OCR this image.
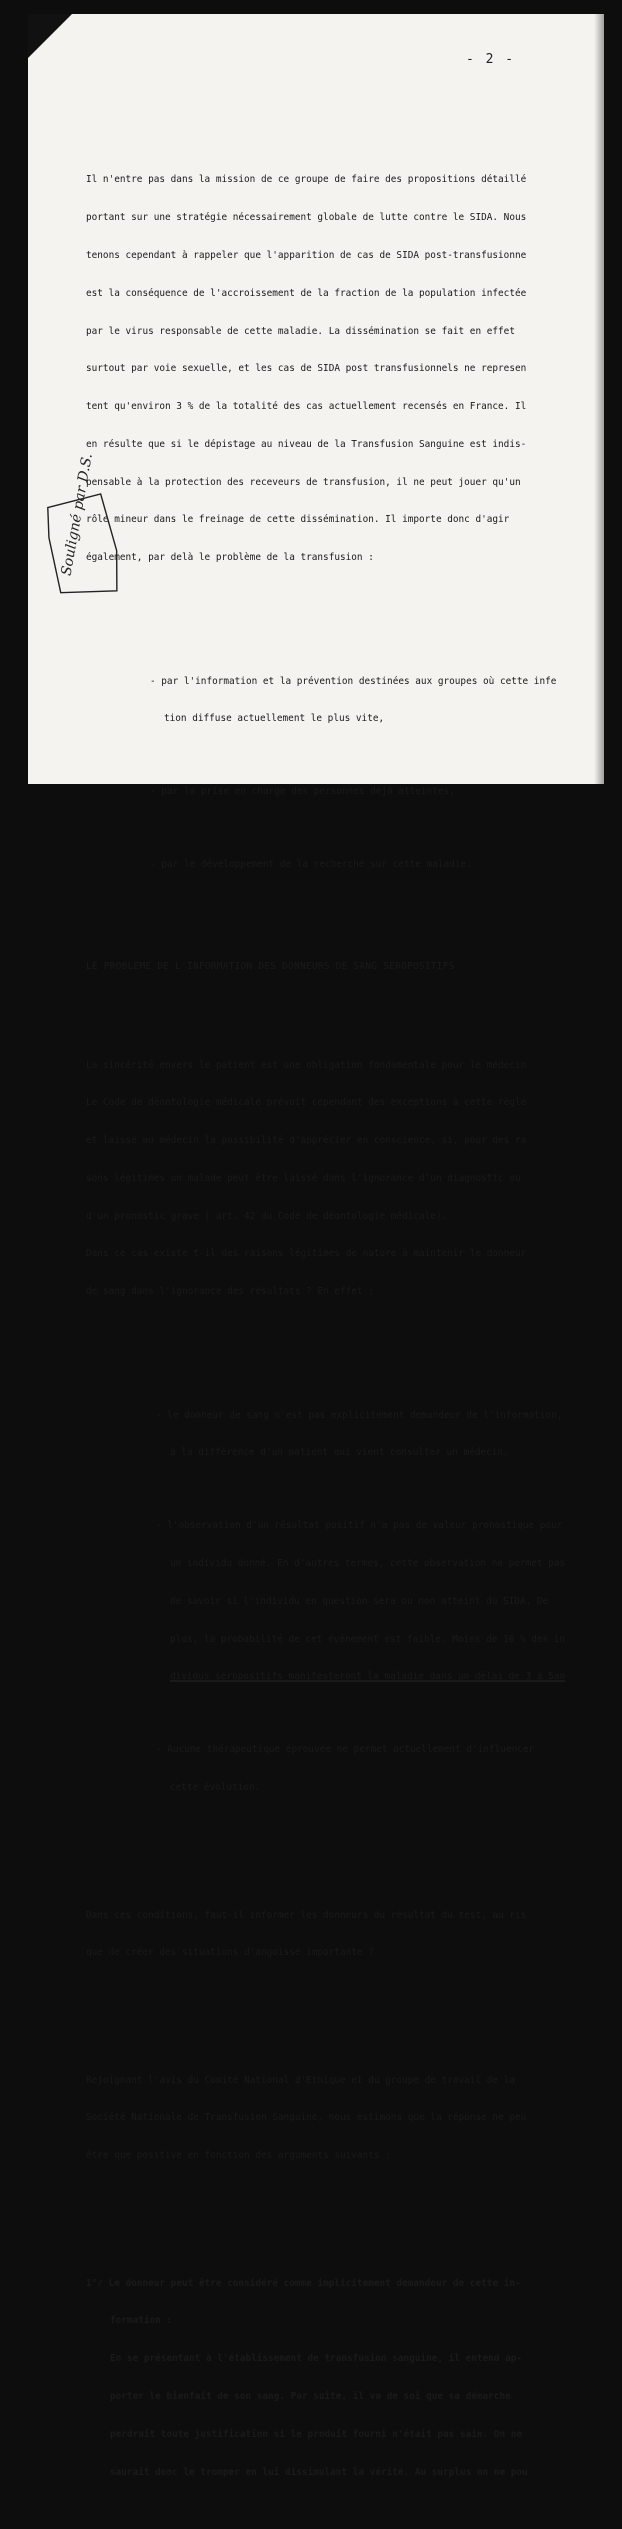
- 2 -

Il n'entre pas dans la mission de ce groupe de faire des propositions détaillé

portant sur une stratégie nécessairement globale de lutte contre le SIDA. Nous

tenons cependant à rappeler que l'apparition de cas de SIDA post-transfusionne

est la conséquence de l'accroissement de la fraction de la population infectée

par le virus responsable de cette maladie. La dissémination se fait en effet

surtout par voie sexuelle, et les cas de SIDA post transfusionnels ne represen

tent qu'environ 3 % de la totalité des cas actuellement recensés en France. Il

en résulte que si le dépistage au niveau de la Transfusion Sanguine est indis-

pensable à la protection des receveurs de transfusion, il ne peut jouer qu'un

rôle mineur dans le freinage de cette dissémination. Il importe donc d'agir

également, par delà le problème de la transfusion :

- par l'information et la prévention destinées aux groupes où cette infe

tion diffuse actuellement le plus vite,

- par la prise en charge des personnes déjà atteintes,

- par le développement de la recherche sur cette maladie.

LE PROBLEME DE L'INFORMATION DES DONNEURS DE SANG SEROPOSITIFS

La sincérité envers le patient est une obligation fondamentale pour le médecin

Le Code de déontologie médicale prévoit cependant des exceptions à cette règle

et laisse au médecin la possibilité d'apprécier en conscience, si, pour des ra

sons légitimes un malade peut être laissé dans l'ignorance d'un diagnostic ou

d'un pronostic grave ( art. 42 du Code de déontologie médicale).

Dans ce cas existe t-il des raisons légitimes de nature à maintenir le donneur

de sang dans l'ignorance des résultats ? En effet :

- le donneur de sang n'est pas explicitement demandeur de l'information,

à la différence d'un patient qui vient consulter un médecin.

- l'observation d'un résultat positif n'a pas de valeur pronostique pour

un individu donné. En d'autres termes, cette observation ne permet pas

de savoir si l'individu en question sera ou non atteint du SIDA. De

plus, la probabilité de cet évènement est faible. Moins de 10 % des in

dividus séropositifs manifesteront la maladie dans un délai de 3 à 5an

- Aucune thérapeutique éprouvée ne permet actuellement d'influencer

cette évolution.

Dans ces conditions, faut-il informer les donneurs du résultat du test, au ris

que de créer des situations d'angoisse importante ?

Rejoignant l'avis du Comité National d'Ethique et du groupe de travail de la

Société Nationale de Transfusion Sanguine, nous estimons que la réponse ne peu

être que positive en fonction des arguments suivants :

1°/ Le donneur peut être considéré comme implicitement demandeur de cette in-

formation :

En se présentant à l'établissement de transfusion sanguine, il entend ap-

porter le bienfait de son sang. Par suite, il va de soi que sa démarche

perdrait toute justification si le produit fourni n'était pas sain. On ne

saurait donc le tromper en lui dissimulant la vérité. Au surplus on ne pou

Souligné par D.S.
